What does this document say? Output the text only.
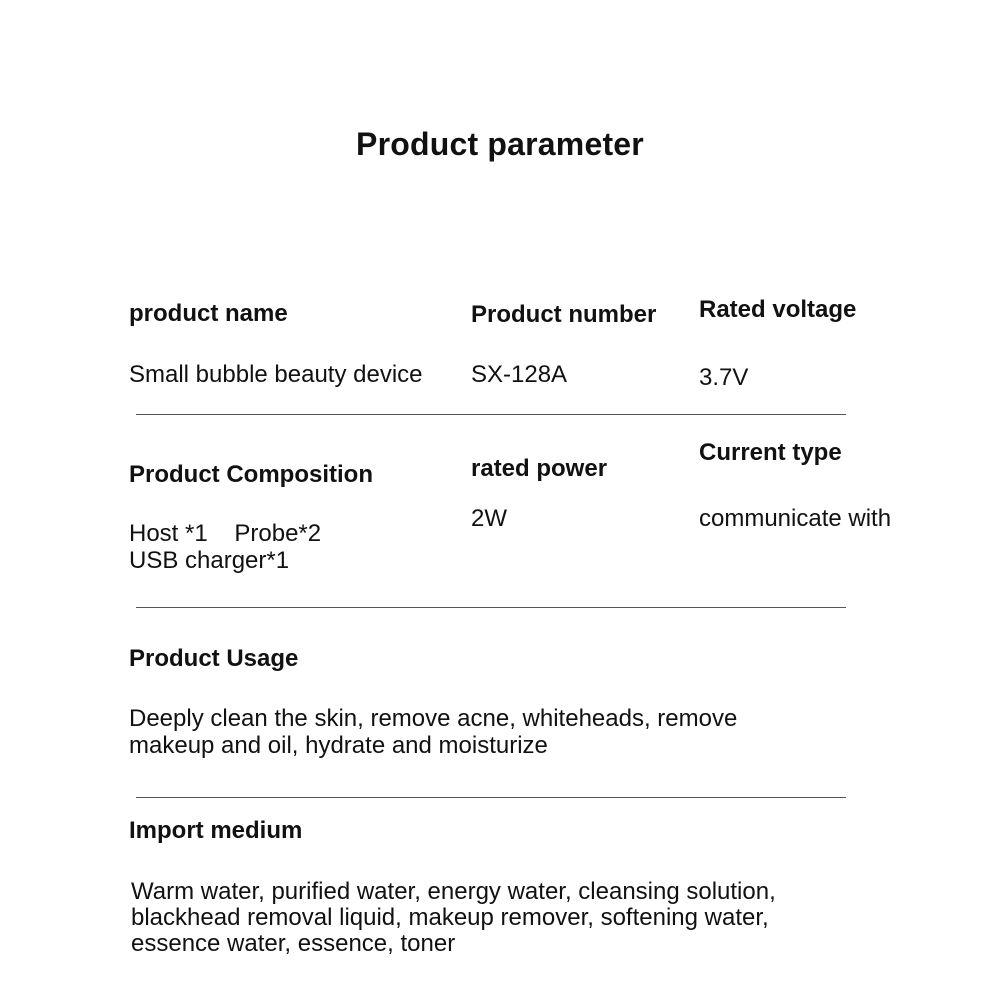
Product parameter
product name
Small bubble beauty device
Product number
SX-128A
Rated voltage
3.7V
Product Composition
Host *1    Probe*2
USB charger*1
rated power
2W
Current type
communicate with
Product Usage
Deeply clean the skin, remove acne, whiteheads, remove
makeup and oil, hydrate and moisturize
Import medium
Warm water, purified water, energy water, cleansing solution,
blackhead removal liquid, makeup remover, softening water,
essence water, essence, toner
